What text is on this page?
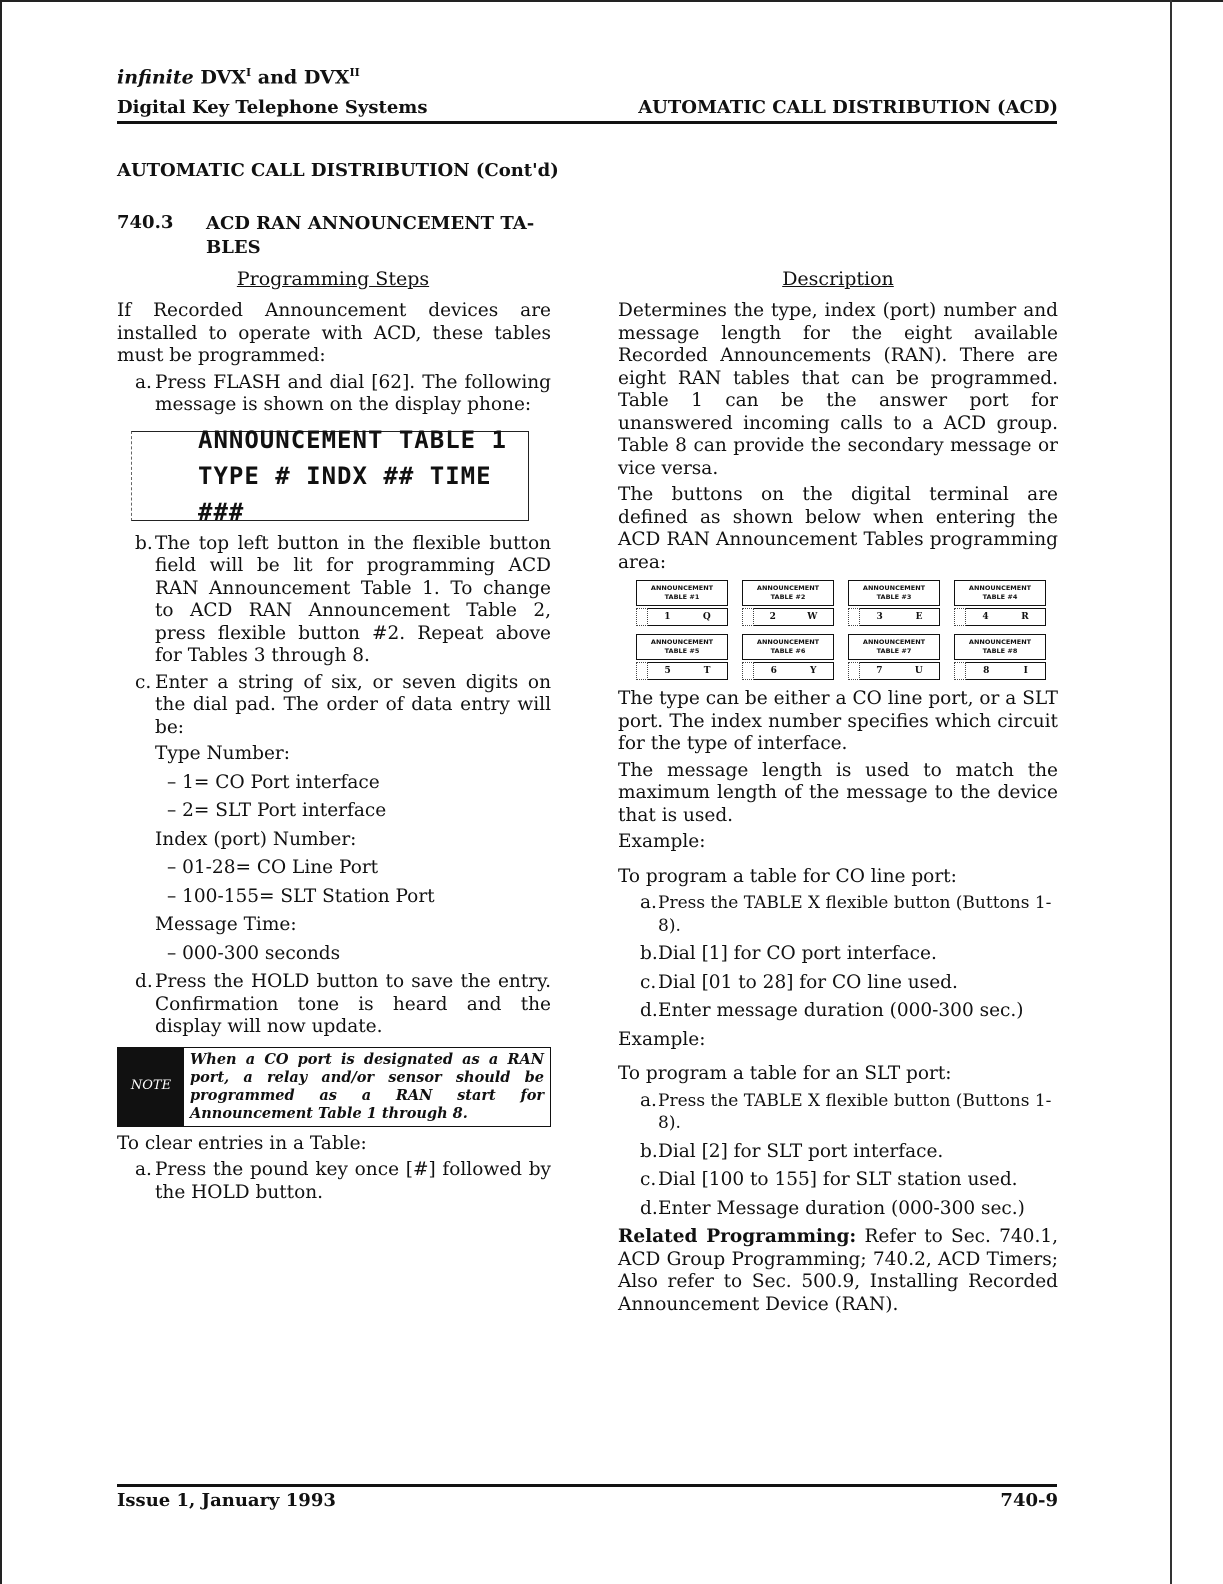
infinite $DVX^I$ and $DVX^{II}$
Digital Key Telephone Systems	AUTOMATIC CALL DISTRIBUTION (ACD)
AUTOMATIC CALL DISTRIBUTION (Cont'd)
740.3 ACD RAN ANNOUNCEMENT TA-BLES
Programming Steps	Description

If Recorded Announcement devices are installed to operate with ACD, these tables must be programmed:

a. Press FLASH and dial [62]. The following message is shown on the display phone:
ANNOUNCEMENT TABLE 1
TYPE # INDX ## TIME ###
b. The top left button in the flexible button field will be lit for programming ACD RAN Announcement Table 1. To change to ACD RAN Announcement Table 2, press flexible button #2. Repeat above for Tables 3 through 8.
c. Enter a string of six, or seven digits on the dial pad. The order of data entry will be:
Type Number:
– 1= CO Port interface
– 2= SLT Port interface
Index (port) Number:
– 01-28= CO Line Port
– 100-155= SLT Station Port
Message Time:
– 000-300 seconds
d. Press the HOLD button to save the entry. Confirmation tone is heard and the display will now update.
NOTE
When a CO port is designated as a RAN port, a relay and/or sensor should be programmed as a RAN start for Announcement Table 1 through 8.

To clear entries in a Table:

a. Press the pound key once [#] followed by the HOLD button.

Determines the type, index (port) number and message length for the eight available Recorded Announcements (RAN). There are eight RAN tables that can be programmed. Table 1 can be the answer port for unanswered incoming calls to a ACD group. Table 8 can provide the secondary message or vice versa.

The buttons on the digital terminal are defined as shown below when entering the ACD RAN Announcement Tables programming area:

ANNOUNCEMENT
TABLE #1
1	Q
ANNOUNCEMENT
TABLE #2
2	W
ANNOUNCEMENT
TABLE #3
3	E
ANNOUNCEMENT
TABLE #4
4	R
ANNOUNCEMENT
TABLE #5
5	T
ANNOUNCEMENT
TABLE #6
6	Y
ANNOUNCEMENT
TABLE #7
7	U
ANNOUNCEMENT
TABLE #8
8	I

The type can be either a CO line port, or a SLT port. The index number specifies which circuit for the type of interface.

The message length is used to match the maximum length of the message to the device that is used.

Example:

To program a table for CO line port:

a. Press the TABLE X flexible button (Buttons 1-8).
b. Dial [1] for CO port interface.
c. Dial [01 to 28] for CO line used.
d. Enter message duration (000-300 sec.)

Example:

To program a table for an SLT port:

a. Press the TABLE X flexible button (Buttons 1-8).
b. Dial [2] for SLT port interface.
c. Dial [100 to 155] for SLT station used.
d. Enter Message duration (000-300 sec.)

Related Programming: Refer to Sec. 740.1, ACD Group Programming; 740.2, ACD Timers; Also refer to Sec. 500.9, Installing Recorded Announcement Device (RAN).

Issue 1, January 1993	740-9
